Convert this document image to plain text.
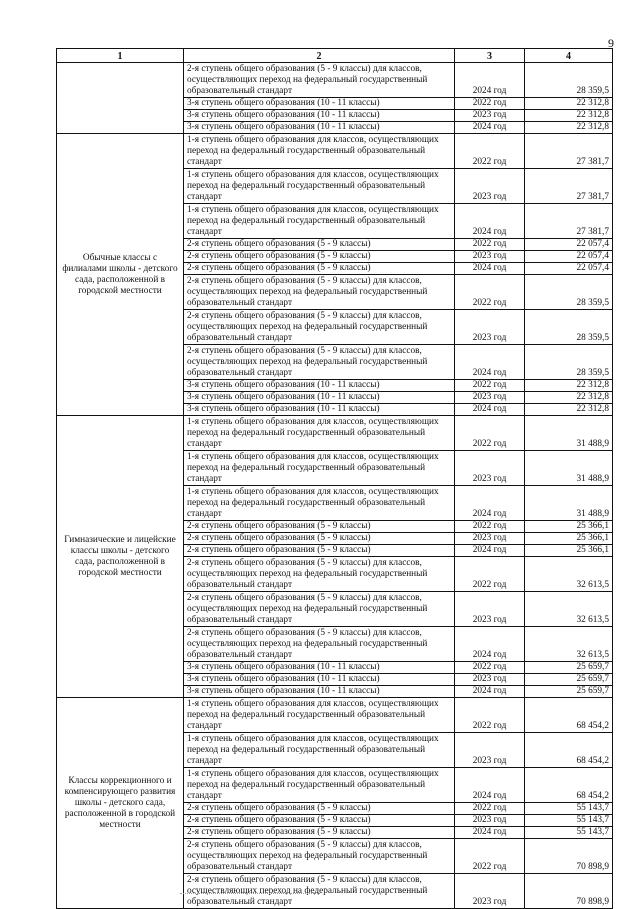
9
1	2	3	4
	2-я ступень общего образования (5 - 9 классы) для классов, осуществляющих переход на федеральный государственный образовательный стандарт	2024 год	28 359,5
	3-я ступень общего образования (10 - 11 классы)	2022 год	22 312,8
	3-я ступень общего образования (10 - 11 классы)	2023 год	22 312,8
	3-я ступень общего образования (10 - 11 классы)	2024 год	22 312,8
Обычные классы с филиалами школы - детского сада, расположенной в городской местности	1-я ступень общего образования для классов, осуществляющих переход на федеральный государственный образовательный стандарт	2022 год	27 381,7
	1-я ступень общего образования для классов, осуществляющих переход на федеральный государственный образовательный стандарт	2023 год	27 381,7
	1-я ступень общего образования для классов, осуществляющих переход на федеральный государственный образовательный стандарт	2024 год	27 381,7
	2-я ступень общего образования (5 - 9 классы)	2022 год	22 057,4
	2-я ступень общего образования (5 - 9 классы)	2023 год	22 057,4
	2-я ступень общего образования (5 - 9 классы)	2024 год	22 057,4
	2-я ступень общего образования (5 - 9 классы) для классов, осуществляющих переход на федеральный государственный образовательный стандарт	2022 год	28 359,5
	2-я ступень общего образования (5 - 9 классы) для классов, осуществляющих переход на федеральный государственный образовательный стандарт	2023 год	28 359,5
	2-я ступень общего образования (5 - 9 классы) для классов, осуществляющих переход на федеральный государственный образовательный стандарт	2024 год	28 359,5
	3-я ступень общего образования (10 - 11 классы)	2022 год	22 312,8
	3-я ступень общего образования (10 - 11 классы)	2023 год	22 312,8
	3-я ступень общего образования (10 - 11 классы)	2024 год	22 312,8
Гимназические и лицейские классы школы - детского сада, расположенной в городской местности	1-я ступень общего образования для классов, осуществляющих переход на федеральный государственный образовательный стандарт	2022 год	31 488,9
	1-я ступень общего образования для классов, осуществляющих переход на федеральный государственный образовательный стандарт	2023 год	31 488,9
	1-я ступень общего образования для классов, осуществляющих переход на федеральный государственный образовательный стандарт	2024 год	31 488,9
	2-я ступень общего образования (5 - 9 классы)	2022 год	25 366,1
	2-я ступень общего образования (5 - 9 классы)	2023 год	25 366,1
	2-я ступень общего образования (5 - 9 классы)	2024 год	25 366,1
	2-я ступень общего образования (5 - 9 классы) для классов, осуществляющих переход на федеральный государственный образовательный стандарт	2022 год	32 613,5
	2-я ступень общего образования (5 - 9 классы) для классов, осуществляющих переход на федеральный государственный образовательный стандарт	2023 год	32 613,5
	2-я ступень общего образования (5 - 9 классы) для классов, осуществляющих переход на федеральный государственный образовательный стандарт	2024 год	32 613,5
	3-я ступень общего образования (10 - 11 классы)	2022 год	25 659,7
	3-я ступень общего образования (10 - 11 классы)	2023 год	25 659,7
	3-я ступень общего образования (10 - 11 классы)	2024 год	25 659,7
Классы коррекционного и компенсирующего развития школы - детского сада, расположенной в городской местности	1-я ступень общего образования для классов, осуществляющих переход на федеральный государственный образовательный стандарт	2022 год	68 454,2
	1-я ступень общего образования для классов, осуществляющих переход на федеральный государственный образовательный стандарт	2023 год	68 454,2
	1-я ступень общего образования для классов, осуществляющих переход на федеральный государственный образовательный стандарт	2024 год	68 454,2
	2-я ступень общего образования (5 - 9 классы)	2022 год	55 143,7
	2-я ступень общего образования (5 - 9 классы)	2023 год	55 143,7
	2-я ступень общего образования (5 - 9 классы)	2024 год	55 143,7
	2-я ступень общего образования (5 - 9 классы) для классов, осуществляющих переход на федеральный государственный образовательный стандарт	2022 год	70 898,9
	2-я ступень общего образования (5 - 9 классы) для классов, осуществляющих переход на федеральный государственный образовательный стандарт	2023 год	70 898,9
